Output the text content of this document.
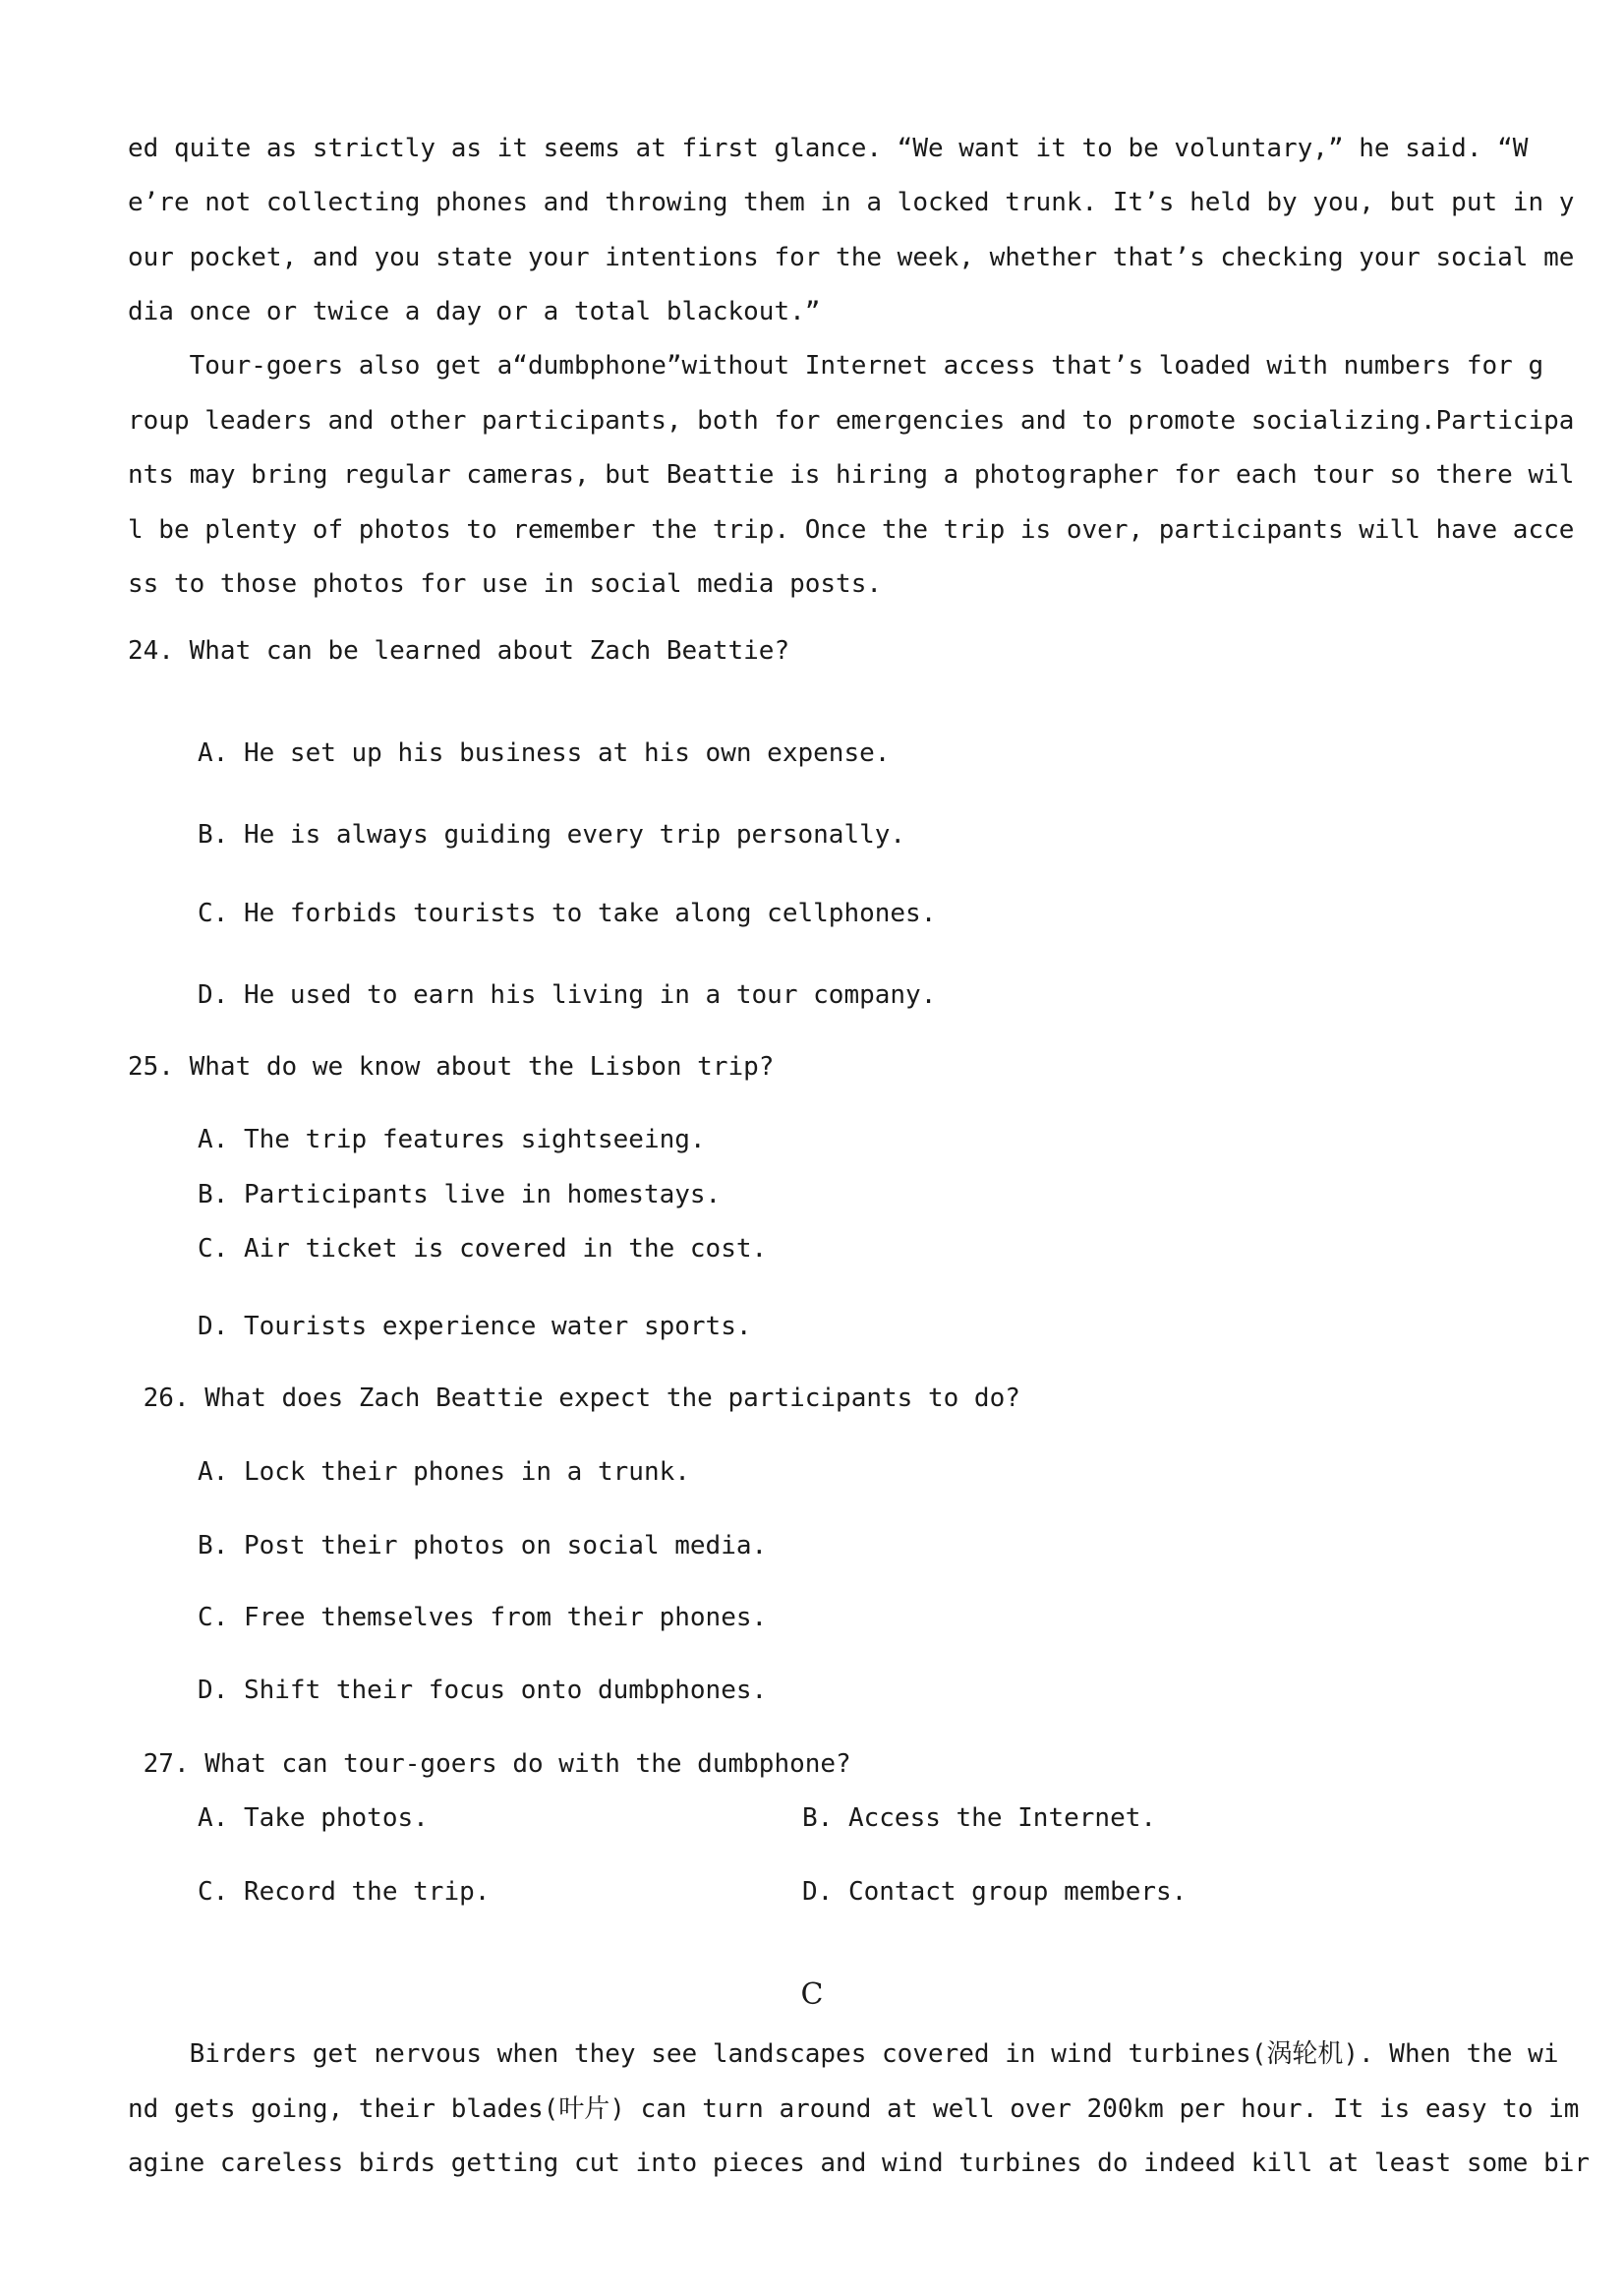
ed quite as strictly as it seems at first glance. “We want it to be voluntary,” he said. “W
e’re not collecting phones and throwing them in a locked trunk. It’s held by you, but put in y
our pocket, and you state your intentions for the week, whether that’s checking your social me
dia once or twice a day or a total blackout.”
Tour-goers also get a“dumbphone”without Internet access that’s loaded with numbers for g
roup leaders and other participants, both for emergencies and to promote socializing.Participa
nts may bring regular cameras, but Beattie is hiring a photographer for each tour so there wil
l be plenty of photos to remember the trip. Once the trip is over, participants will have acce
ss to those photos for use in social media posts.
24. What can be learned about Zach Beattie?
A. He set up his business at his own expense.
B. He is always guiding every trip personally.
C. He forbids tourists to take along cellphones.
D. He used to earn his living in a tour company.
25. What do we know about the Lisbon trip?
A. The trip features sightseeing.
B. Participants live in homestays.
C. Air ticket is covered in the cost.
D. Tourists experience water sports.
26. What does Zach Beattie expect the participants to do?
A. Lock their phones in a trunk.
B. Post their photos on social media.
C. Free themselves from their phones.
D. Shift their focus onto dumbphones.
27. What can tour-goers do with the dumbphone?
A. Take photos.	B. Access the Internet.
C. Record the trip.	D. Contact group members.
C
Birders get nervous when they see landscapes covered in wind turbines(涡轮机). When the wi
nd gets going, their blades(叶片) can turn around at well over 200km per hour. It is easy to im
agine careless birds getting cut into pieces and wind turbines do indeed kill at least some bir
